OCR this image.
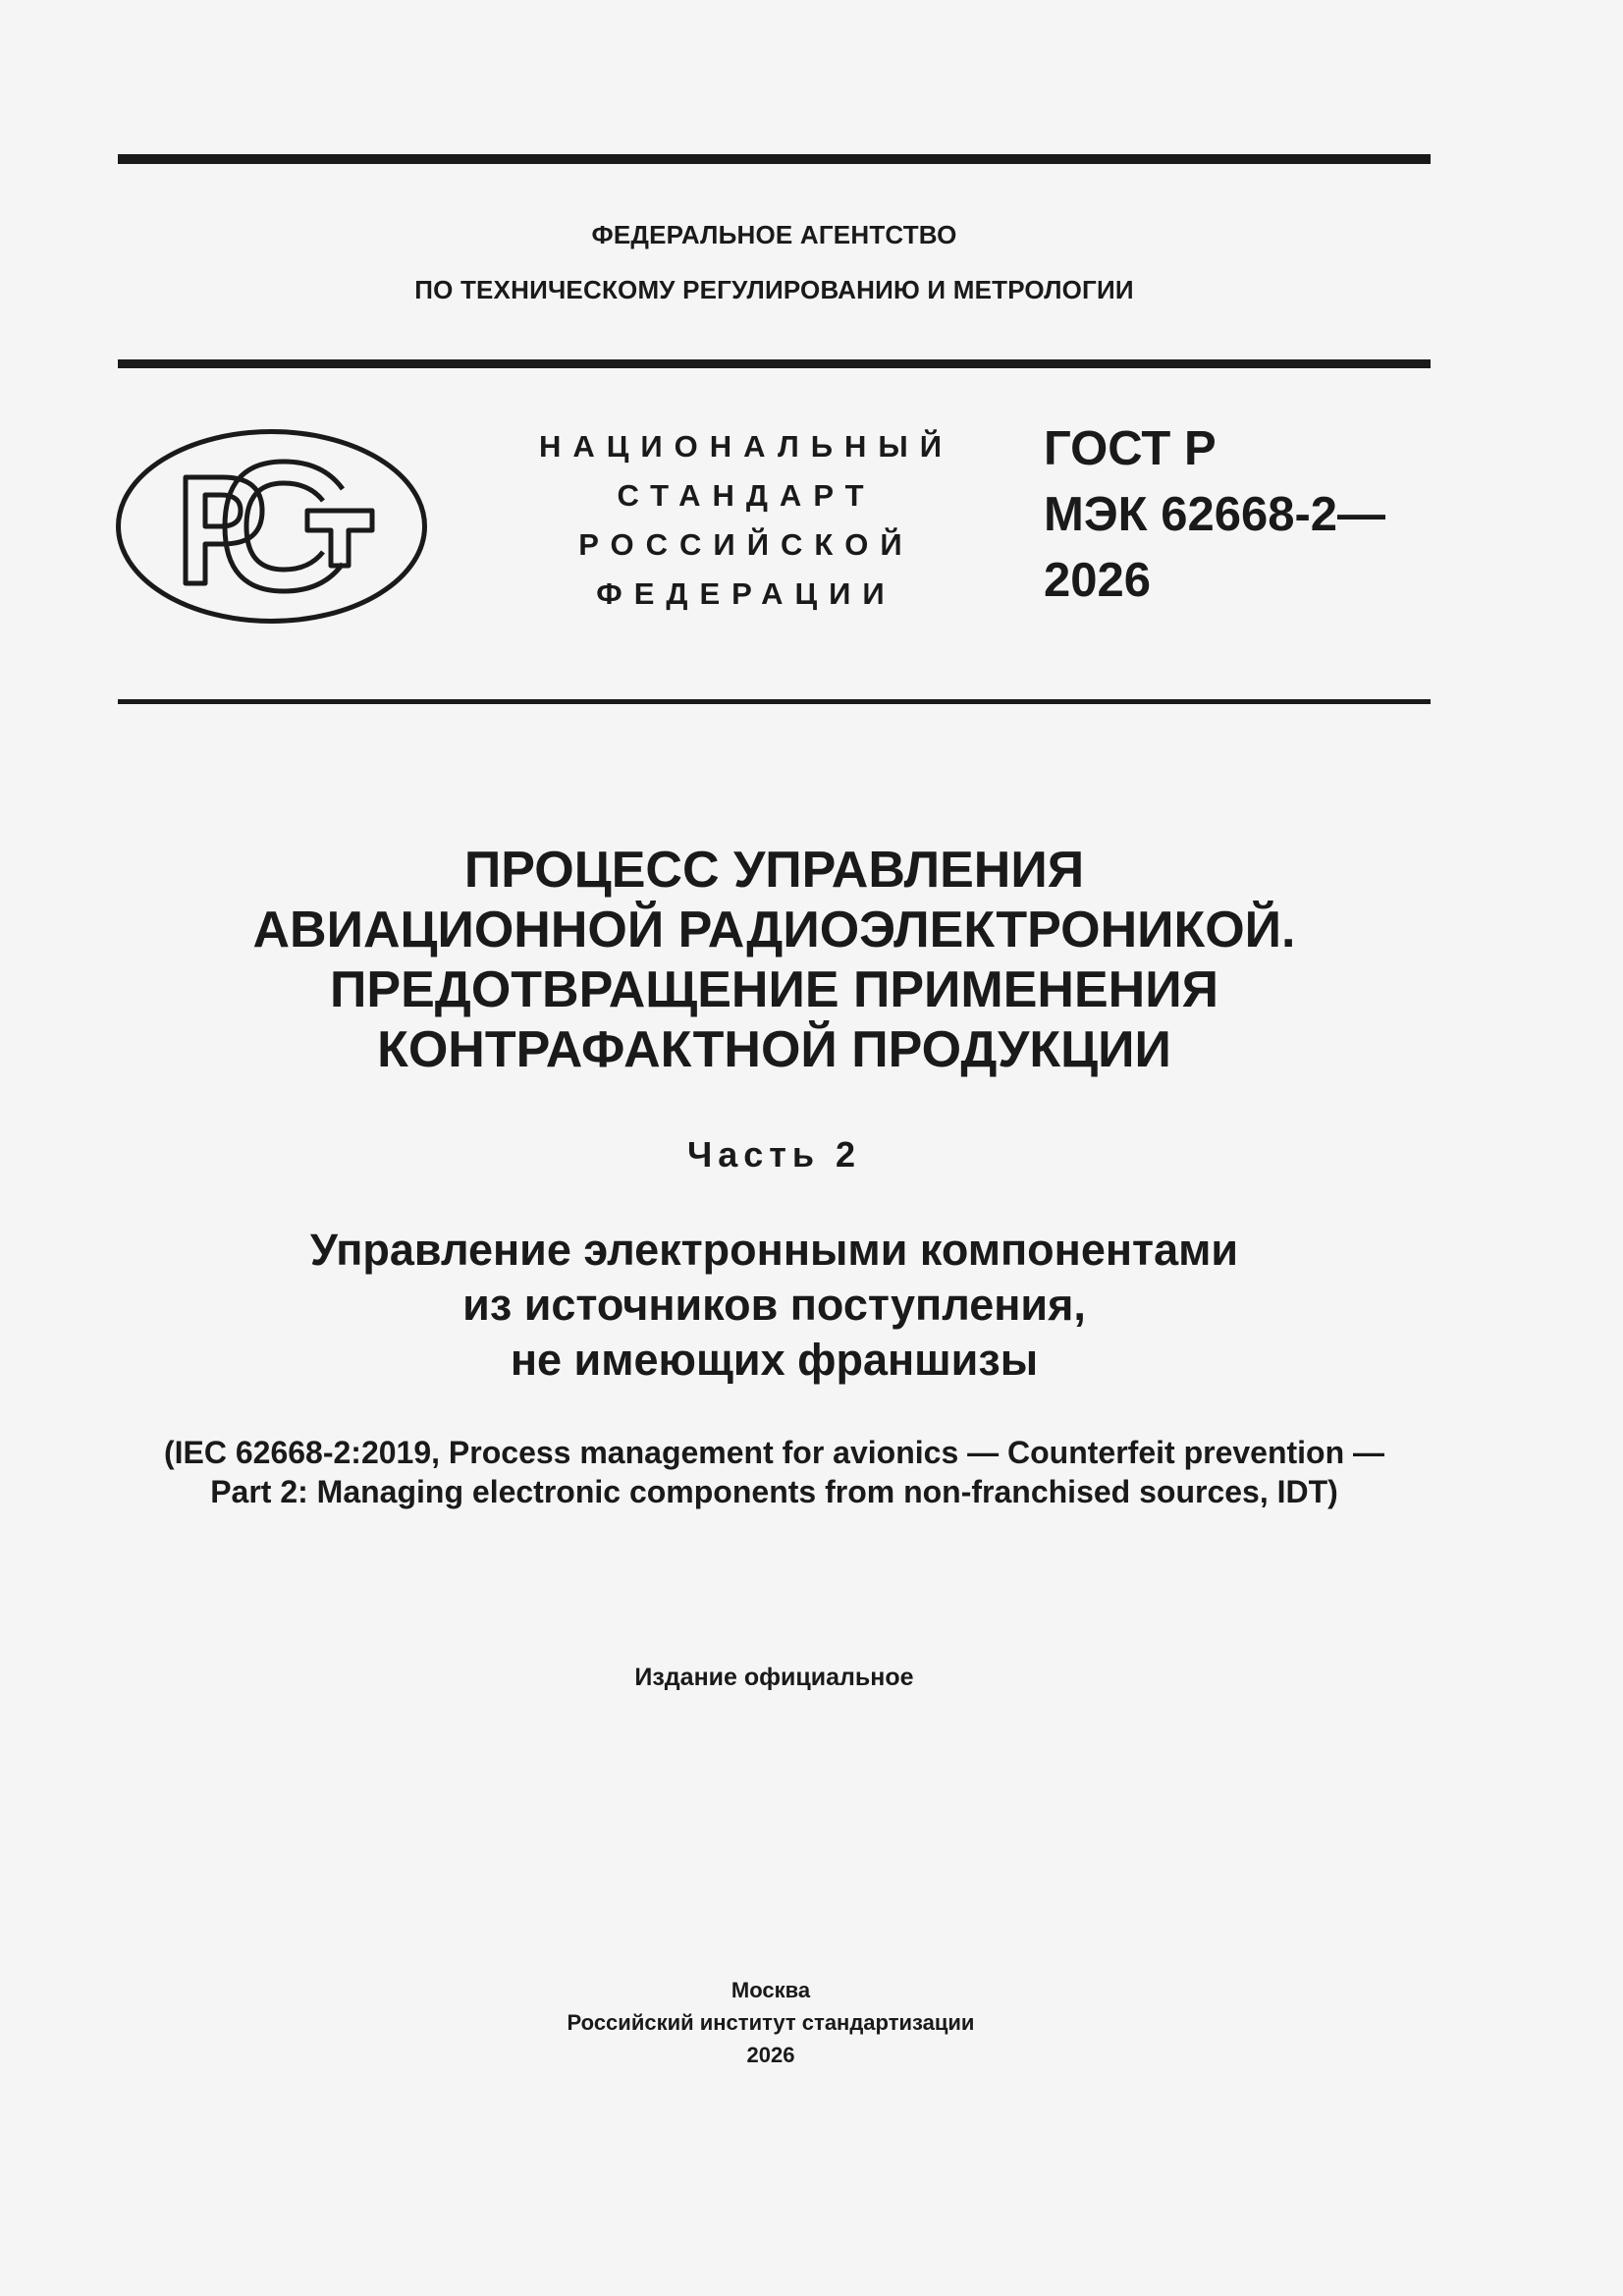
ФЕДЕРАЛЬНОЕ АГЕНТСТВО
ПО ТЕХНИЧЕСКОМУ РЕГУЛИРОВАНИЮ И МЕТРОЛОГИИ
НАЦИОНАЛЬНЫЙ
СТАНДАРТ
РОССИЙСКОЙ
ФЕДЕРАЦИИ
ГОСТ Р
МЭК 62668-2—
2026
ПРОЦЕСС УПРАВЛЕНИЯ
АВИАЦИОННОЙ РАДИОЭЛЕКТРОНИКОЙ.
ПРЕДОТВРАЩЕНИЕ ПРИМЕНЕНИЯ
КОНТРАФАКТНОЙ ПРОДУКЦИИ
Часть 2
Управление электронными компонентами
из источников поступления,
не имеющих франшизы
(IEC 62668-2:2019, Process management for avionics — Counterfeit prevention —
Part 2: Managing electronic components from non-franchised sources, IDT)
Издание официальное
Москва
Российский институт стандартизации
2026
